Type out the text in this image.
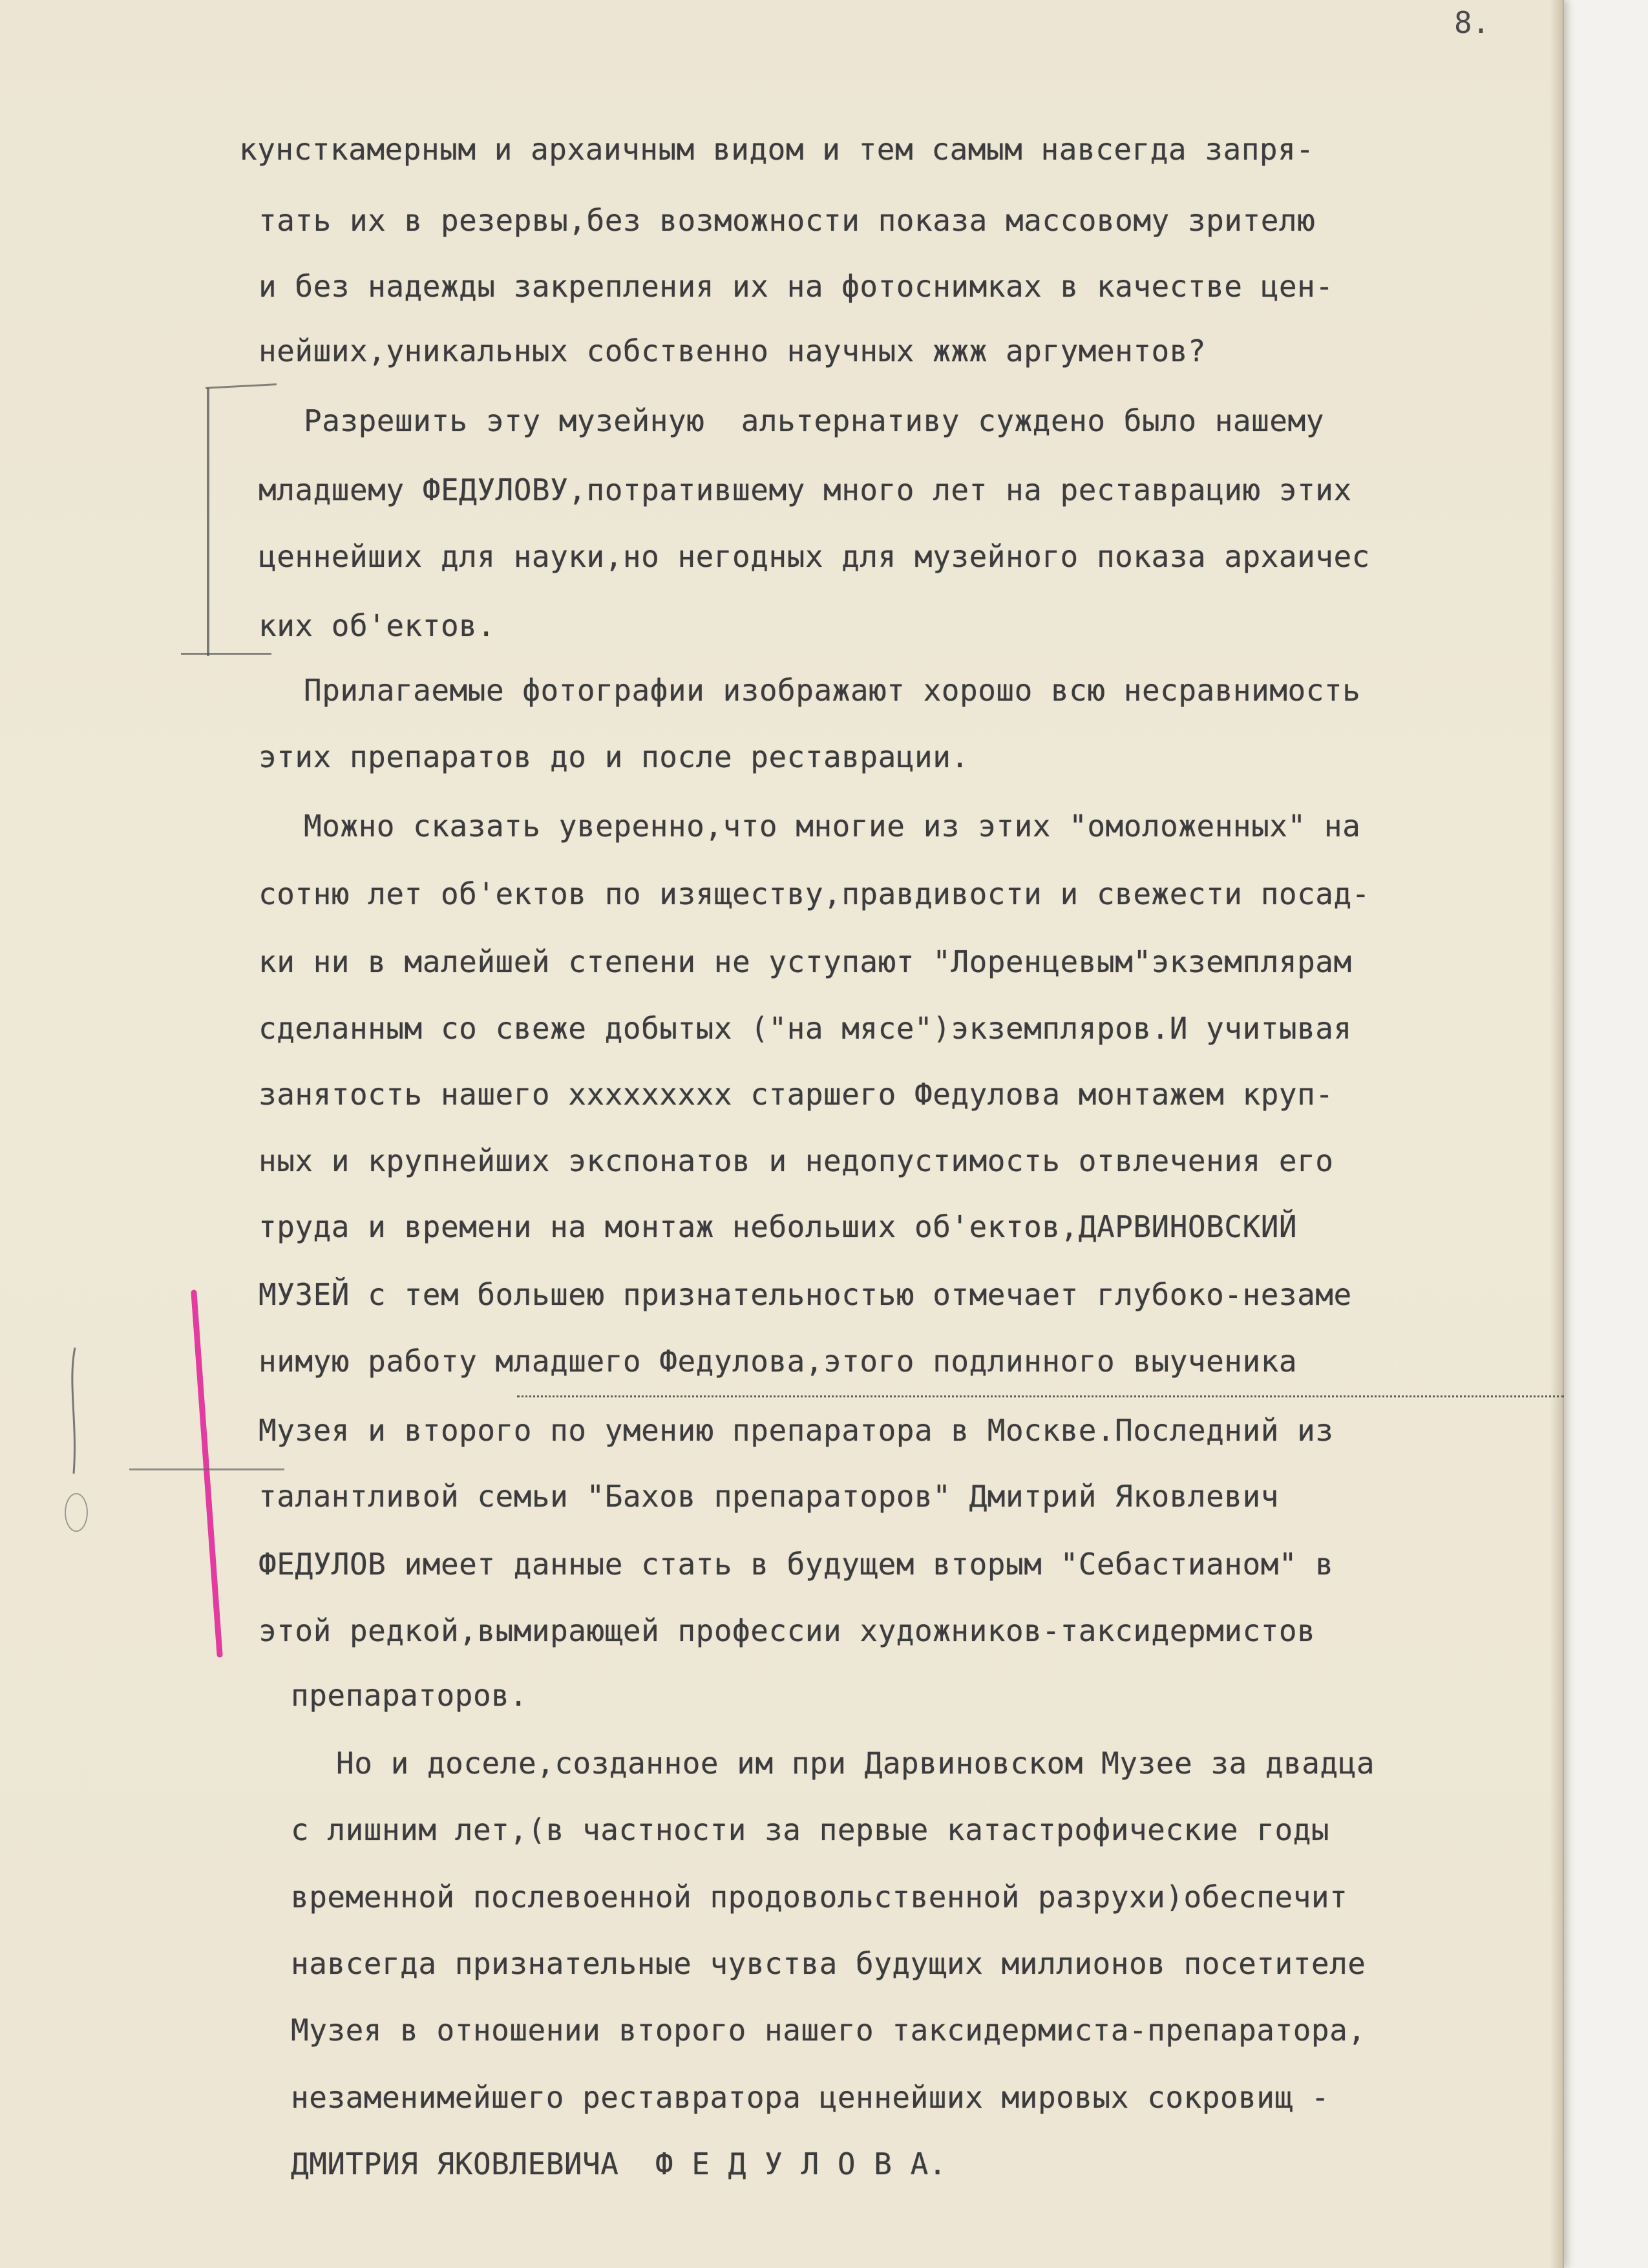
8.
кунсткамерным и архаичным видом и тем самым навсегда запря-
тать их в резервы,без возможности показа массовому зрителю
и без надежды закрепления их на фотоснимках в качестве цен-
нейших,уникальных собственно научных жжж аргументов?
Разрешить эту музейную  альтернативу суждено было нашему
младшему ФЕДУЛОВУ,потратившему много лет на реставрацию этих
ценнейших для науки,но негодных для музейного показа архаичес
ких об'ектов.
Прилагаемые фотографии изображают хорошо всю несравнимость
этих препаратов до и после реставрации.
Можно сказать уверенно,что многие из этих "омоложенных" на
сотню лет об'ектов по изяществу,правдивости и свежести посад-
ки ни в малейшей степени не уступают "Лоренцевым"экземплярам
сделанным со свеже добытых ("на мясе")экземпляров.И учитывая
занятость нашего ххххххххх старшего Федулова монтажем круп-
ных и крупнейших экспонатов и недопустимость отвлечения его
труда и времени на монтаж небольших об'ектов,ДАРВИНОВСКИЙ
МУЗЕЙ с тем большею признательностью отмечает глубоко-незаме
нимую работу младшего Федулова,этого подлинного выученика
Музея и второго по умению препаратора в Москве.Последний из
талантливой семьи "Бахов препараторов" Дмитрий Яковлевич
ФЕДУЛОВ имеет данные стать в будущем вторым "Себастианом" в
этой редкой,вымирающей профессии художников-таксидермистов
препараторов.
Но и доселе,созданное им при Дарвиновском Музее за двадца
с лишним лет,(в частности за первые катастрофические годы
временной послевоенной продовольственной разрухи)обеспечит
навсегда признательные чувства будущих миллионов посетителе
Музея в отношении второго нашего таксидермиста-препаратора,
незаменимейшего реставратора ценнейших мировых сокровищ -
ДМИТРИЯ ЯКОВЛЕВИЧА  Ф Е Д У Л О В А.
